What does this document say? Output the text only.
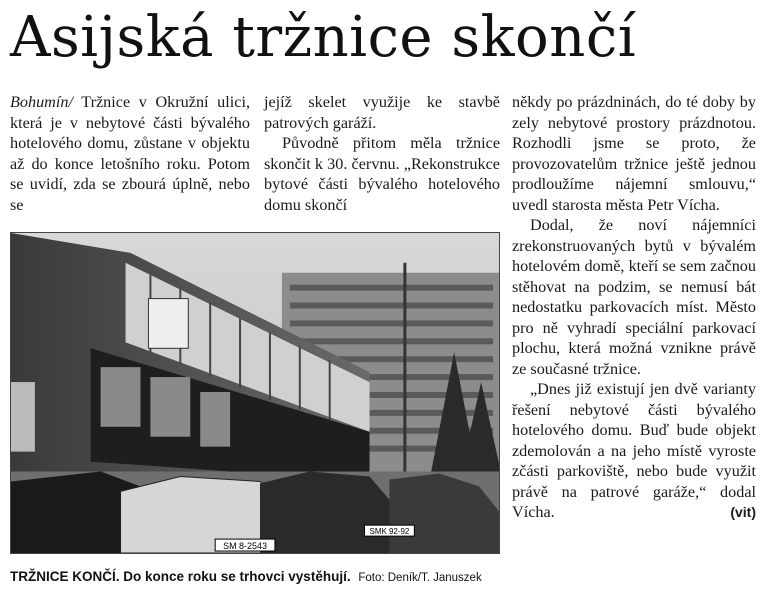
Asijská tržnice skončí

Bohumín/ Tržnice v Okružní ulici, která je v nebytové části bývalého hotelového domu, zůstane v objektu až do konce letošního roku. Potom se uvidí, zda se zbourá úplně, nebo se

jejíž skelet využije ke stavbě patrových garáží.

Původně přitom měla tržnice skončit k 30. červnu. „Rekonstrukce bytové části bývalého hotelového domu skončí

někdy po prázdninách, do té doby by zely nebytové prostory prázdnotou. Rozhodli jsme se proto, že provozovatelům tržnice ještě jednou prodloužíme nájemní smlouvu,“ uvedl starosta města Petr Vícha.

Dodal, že noví nájemníci zrekonstruovaných bytů v bývalém hotelovém domě, kteří se sem začnou stěhovat na podzim, se nemusí bát nedostatku parkovacích míst. Město pro ně vyhradí speciální parkovací plochu, která možná vznikne právě ze současné tržnice.

„Dnes již existují jen dvě varianty řešení nebytové části bývalého hotelového domu. Buď bude objekt zdemolován a na jeho místě vyroste zčásti parkoviště, nebo bude využit právě na patrové garáže,“ dodal Vícha.	(vit)

SM 8-2543
SMK 92-92
TRŽNICE KONČÍ. Do konce roku se trhovci vystěhují. Foto: Deník/T. Januszek
